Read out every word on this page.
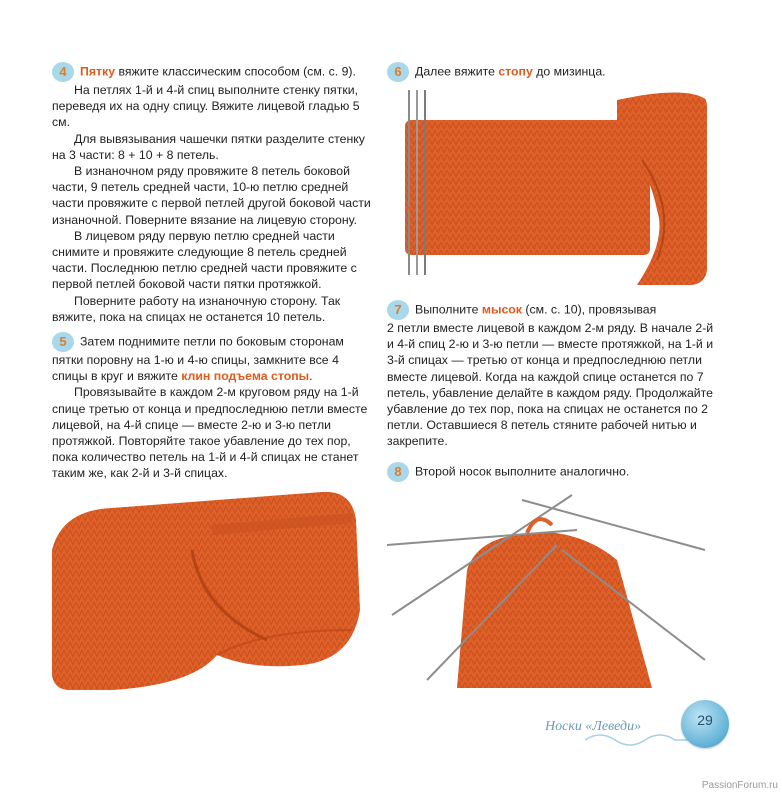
4 Пятку вяжите классическим способом (см. с. 9).

На петлях 1-й и 4-й спиц выполните стенку пятки, переведя их на одну спицу. Вяжите лицевой гладью 5 см.

Для вывязывания чашечки пятки разделите стенку на 3 части: 8 + 10 + 8 петель.

В изнаночном ряду провяжите 8 петель боковой части, 9 петель средней части, 10-ю петлю средней части провяжите с первой петлей другой боковой части изнаночной. Поверните вязание на лицевую сторону.

В лицевом ряду первую петлю средней части снимите и провяжите следующие 8 петель средней части. Последнюю петлю средней части провяжите с первой петлей боковой части пятки протяжкой.

Поверните работу на изнаночную сторону. Так вяжите, пока на спицах не останется 10 петель.

5 Затем поднимите петли по боковым сторонам пятки поровну на 1-ю и 4-ю спицы, замкните все 4 спицы в круг и вяжите клин подъема стопы.

Провязывайте в каждом 2-м круговом ряду на 1-й спице третью от конца и предпоследнюю петли вместе лицевой, на 4-й спице — вместе 2-ю и 3-ю петли протяжкой. Повторяйте такое убавление до тех пор, пока количество петель на 1-й и 4-й спицах не станет таким же, как 2-й и 3-й спицах.

6 Далее вяжите стопу до мизинца.

7 Выполните мысок (см. с. 10), провязывая

2 петли вместе лицевой в каждом 2-м ряду. В начале 2-й и 4-й спиц 2-ю и 3-ю петли — вместе протяжкой, на 1-й и 3-й спицах — третью от конца и предпоследнюю петли вместе лицевой. Когда на каждой спице останется по 7 петель, убавление делайте в каждом ряду. Продолжайте убавление до тех пор, пока на спицах не останется по 2 петли. Оставшиеся 8 петель стяните рабочей нитью и закрепите.

8 Второй носок выполните аналогично.

Носки «Леведи»	29
PassionForum.ru
